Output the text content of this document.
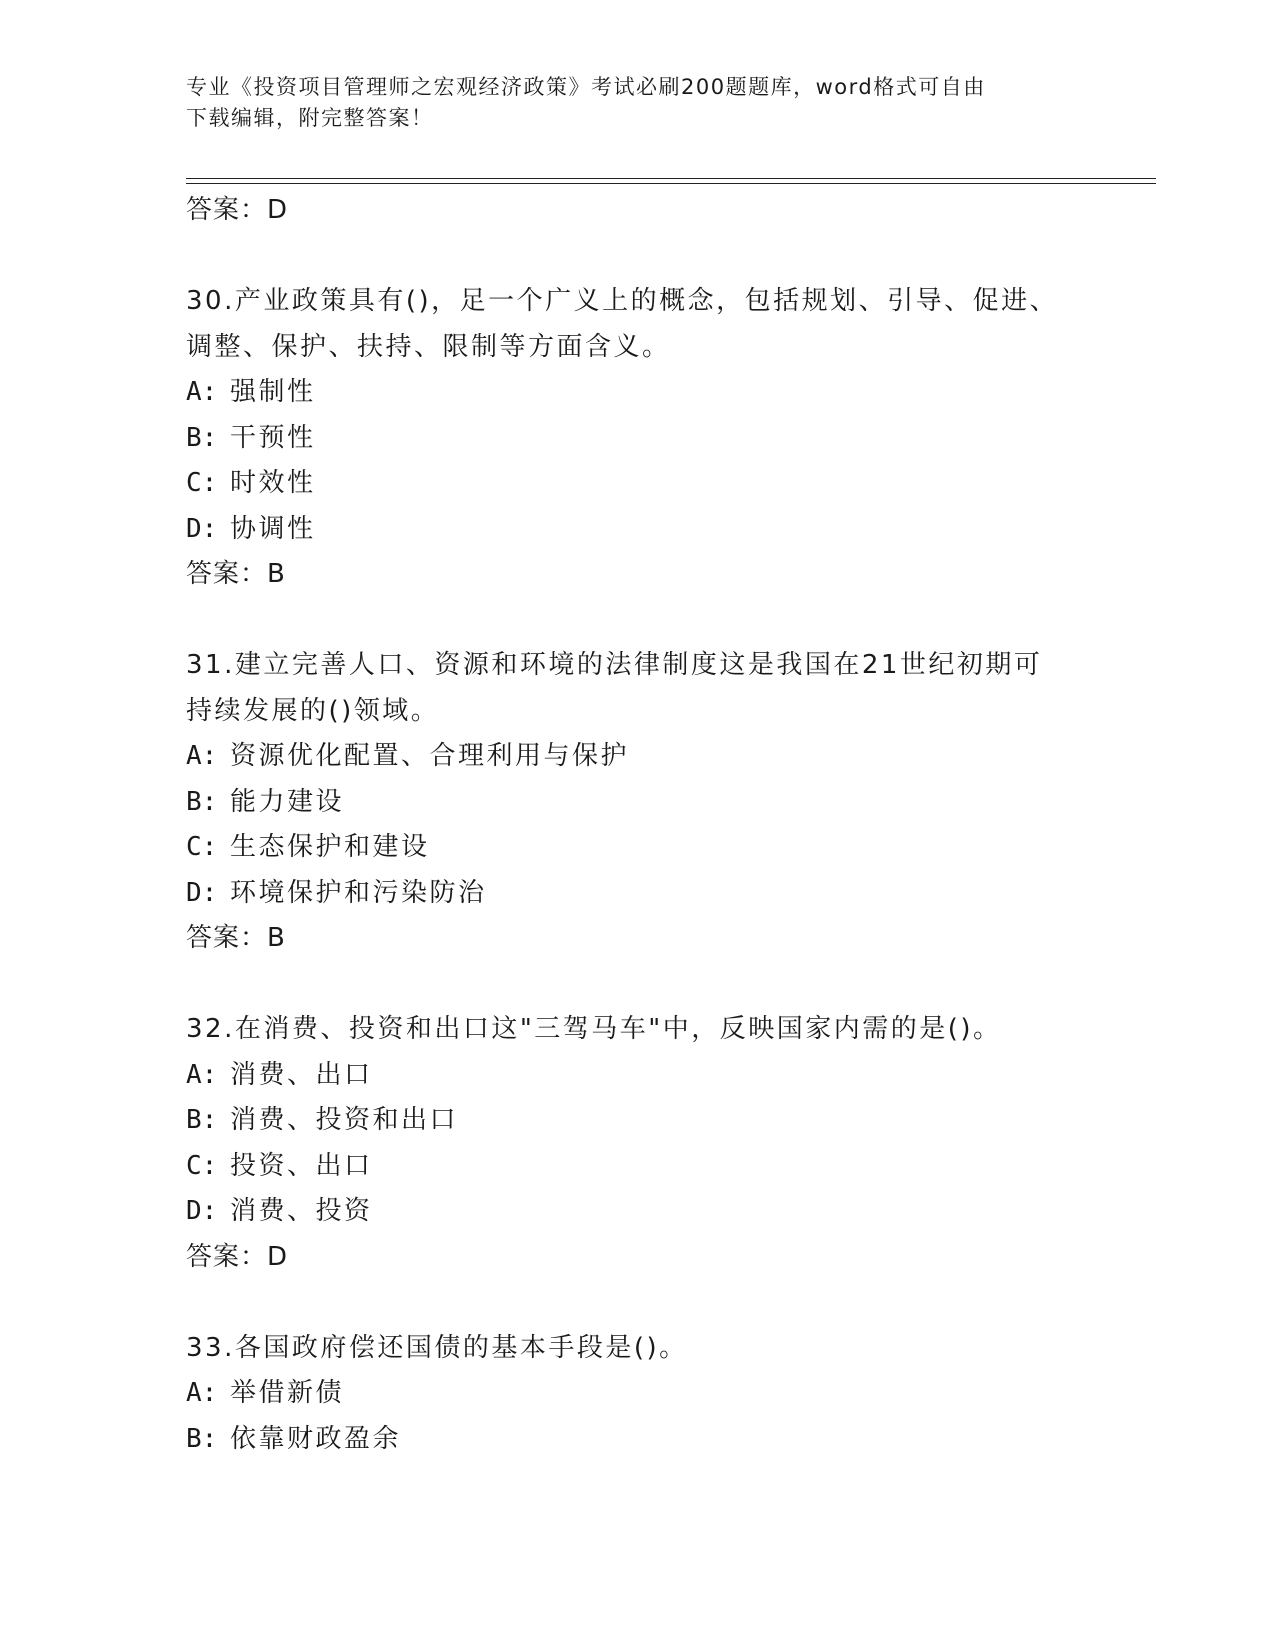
专业《投资项目管理师之宏观经济政策》考试必刷200题题库，word格式可自由
下载编辑，附完整答案！
答案：D
30.产业政策具有()，足一个广义上的概念，包括规划、引导、促进、
调整、保护、扶持、限制等方面含义。
A: 强制性
B: 干预性
C: 时效性
D: 协调性
答案：B
31.建立完善人口、资源和环境的法律制度这是我国在21世纪初期可
持续发展的()领域。
A: 资源优化配置、合理利用与保护
B: 能力建设
C: 生态保护和建设
D: 环境保护和污染防治
答案：B
32.在消费、投资和出口这"三驾马车"中，反映国家内需的是()。
A: 消费、出口
B: 消费、投资和出口
C: 投资、出口
D: 消费、投资
答案：D
33.各国政府偿还国债的基本手段是()。
A: 举借新债
B: 依靠财政盈余
